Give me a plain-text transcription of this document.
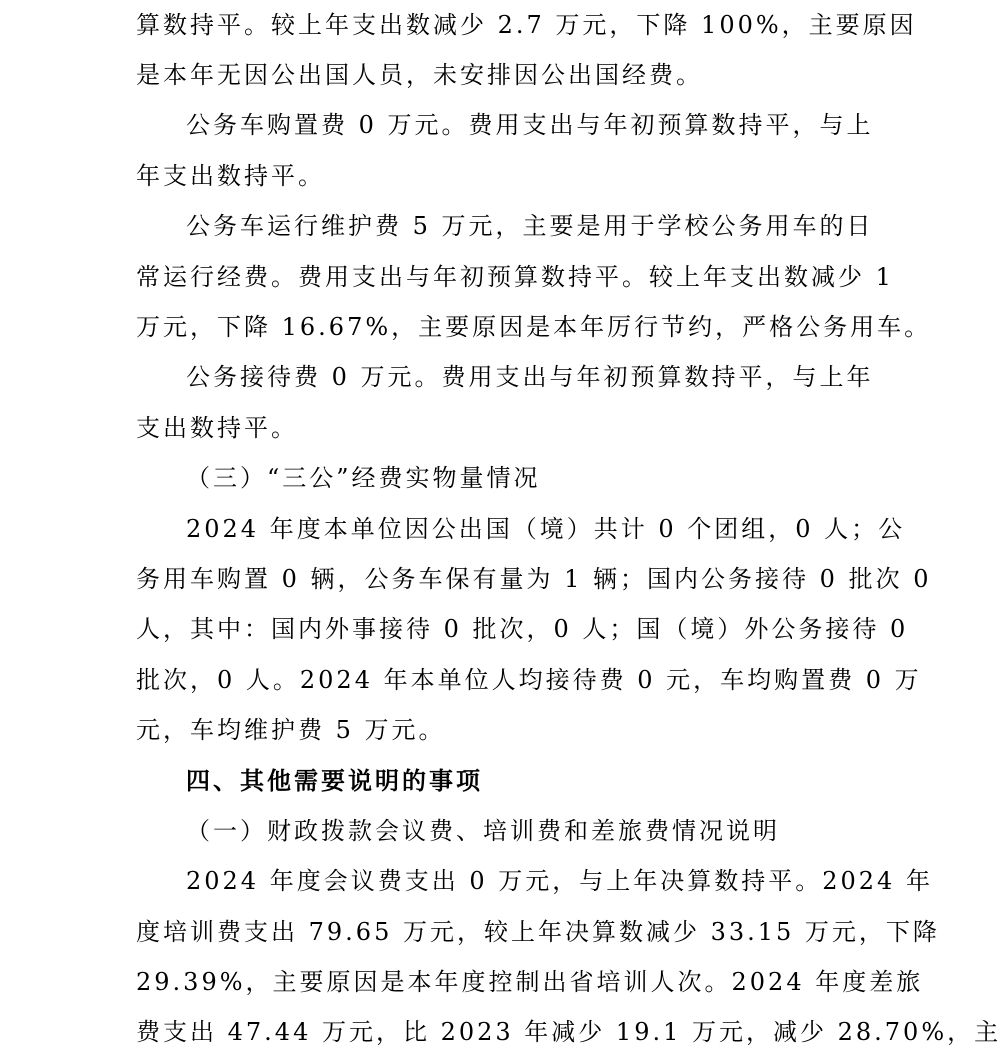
算数持平。较上年支出数减少 2.7 万元，下降 100%，主要原因
是本年无因公出国人员，未安排因公出国经费。
公务车购置费 0 万元。费用支出与年初预算数持平，与上
年支出数持平。
公务车运行维护费 5 万元，主要是用于学校公务用车的日
常运行经费。费用支出与年初预算数持平。较上年支出数减少 1
万元，下降 16.67%，主要原因是本年厉行节约，严格公务用车。
公务接待费 0 万元。费用支出与年初预算数持平，与上年
支出数持平。
（三）“三公”经费实物量情况
2024 年度本单位因公出国（境）共计 0 个团组，0 人；公
务用车购置 0 辆，公务车保有量为 1 辆；国内公务接待 0 批次 0
人，其中：国内外事接待 0 批次，0 人；国（境）外公务接待 0
批次，0 人。2024 年本单位人均接待费 0 元，车均购置费 0 万
元，车均维护费 5 万元。
四、其他需要说明的事项
（一）财政拨款会议费、培训费和差旅费情况说明
2024 年度会议费支出 0 万元，与上年决算数持平。2024 年
度培训费支出 79.65 万元，较上年决算数减少 33.15 万元，下降
29.39%，主要原因是本年度控制出省培训人次。2024 年度差旅
费支出 47.44 万元，比 2023 年减少 19.1 万元，减少 28.70%，主
